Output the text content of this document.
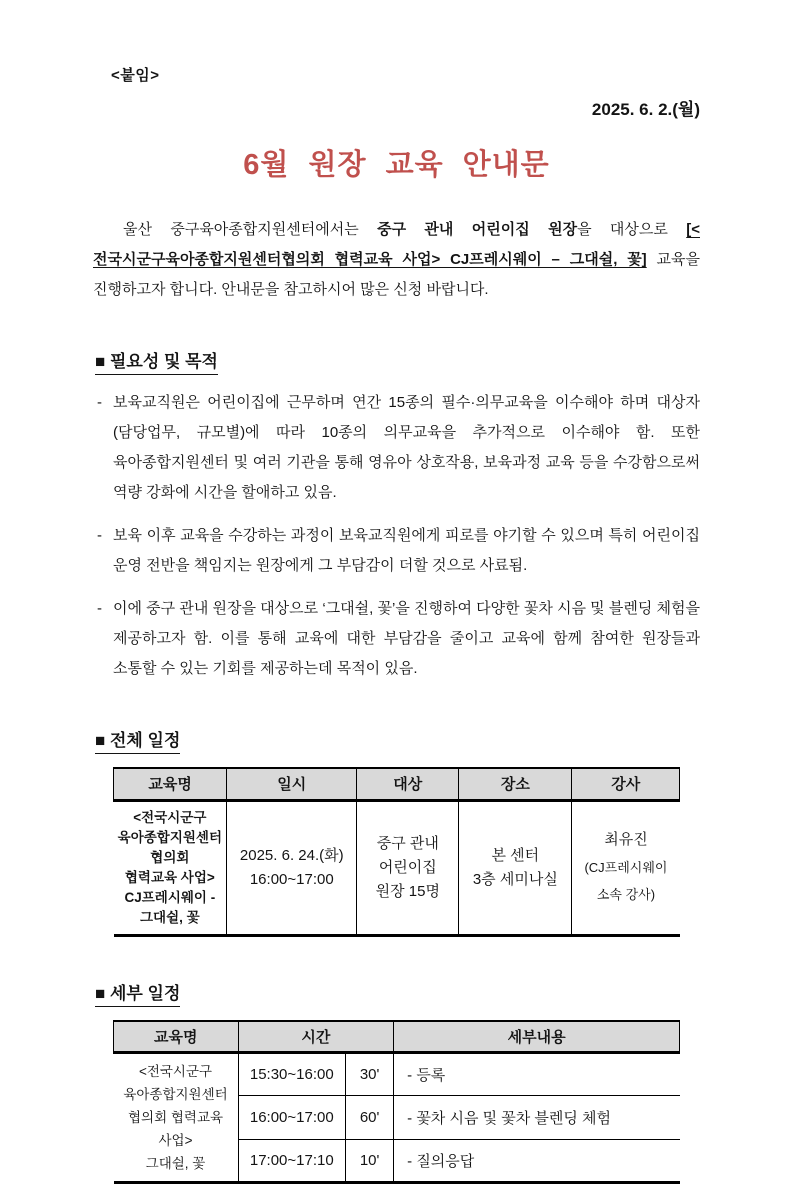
<붙임>
2025. 6. 2.(월)
6월 원장 교육 안내문

울산 중구육아종합지원센터에서는 중구 관내 어린이집 원장을 대상으로 [<전국시군구육아종합지원센터협의회 협력교육 사업> CJ프레시웨이 – 그대쉴, 꽃] 교육을 진행하고자 합니다. 안내문을 참고하시어 많은 신청 바랍니다.

■ 필요성 및 목적
- 보육교직원은 어린이집에 근무하며 연간 15종의 필수·의무교육을 이수해야 하며 대상자(담당업무, 규모별)에 따라 10종의 의무교육을 추가적으로 이수해야 함. 또한 육아종합지원센터 및 여러 기관을 통해 영유아 상호작용, 보육과정 교육 등을 수강함으로써 역량 강화에 시간을 할애하고 있음.
- 보육 이후 교육을 수강하는 과정이 보육교직원에게 피로를 야기할 수 있으며 특히 어린이집 운영 전반을 책임지는 원장에게 그 부담감이 더할 것으로 사료됨.
- 이에 중구 관내 원장을 대상으로 ‘그대쉴, 꽃’을 진행하여 다양한 꽃차 시음 및 블렌딩 체험을 제공하고자 함. 이를 통해 교육에 대한 부담감을 줄이고 교육에 함께 참여한 원장들과 소통할 수 있는 기회를 제공하는데 목적이 있음.
■ 전체 일정
교육명	일시	대상	장소	강사

<전국시군구
육아종합지원센터
협의회
협력교육 사업>
CJ프레시웨이 -
그대쉴, 꽃

2025. 6. 24.(화)
16:00~17:00

중구 관내
어린이집
원장 15명

본 센터
3층 세미나실

최유진
(CJ프레시웨이
소속 강사)
■ 세부 일정
교육명	시간		세부내용

<전국시군구
육아종합지원센터
협의회 협력교육
사업>
그대쉴, 꽃	15:30~16:00	30'	- 등록
	16:00~17:00	60'	- 꽃차 시음 및 꽃차 블렌딩 체험
	17:00~17:10	10'	- 질의응답
